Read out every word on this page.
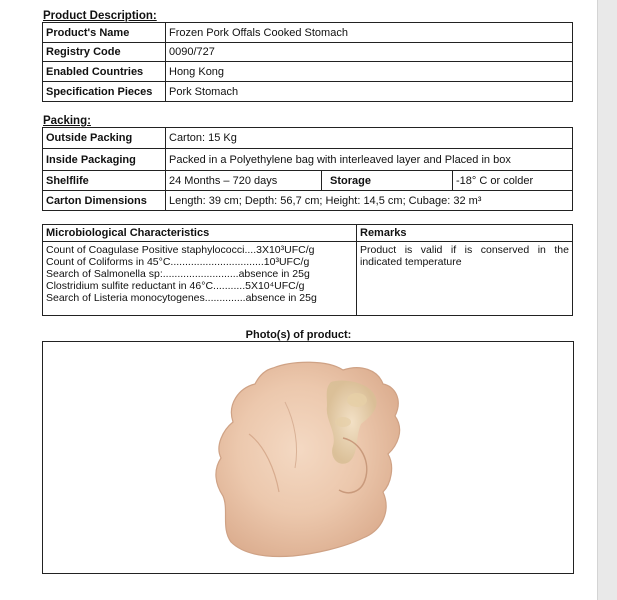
Product Description:
Product's Name	Frozen Pork Offals Cooked Stomach
Registry Code	0090/727
Enabled Countries	Hong Kong
Specification Pieces	Pork Stomach
Packing:
Outside Packing	Carton: 15 Kg		
Inside Packaging	Packed in a Polyethylene bag with interleaved layer and Placed in box		
Shelflife	24 Months – 720 days	Storage	-18° C or colder
Carton Dimensions	Length: 39 cm; Depth: 56,7 cm; Height: 14,5 cm; Cubage: 32 m³		
Microbiological Characteristics	Remarks

Count of Coagulase Positive staphylococci....3X10³UFC/g
Count of Coliforms in 45°C................................10³UFC/g
Search of Salmonella sp:..........................absence in 25g
Clostridium sulfite reductant in 46°C...........5X10⁴UFC/g
Search of Listeria monocytogenes..............absence in 25g	Product is valid if is conserved in the indicated temperature
Photo(s) of product:
